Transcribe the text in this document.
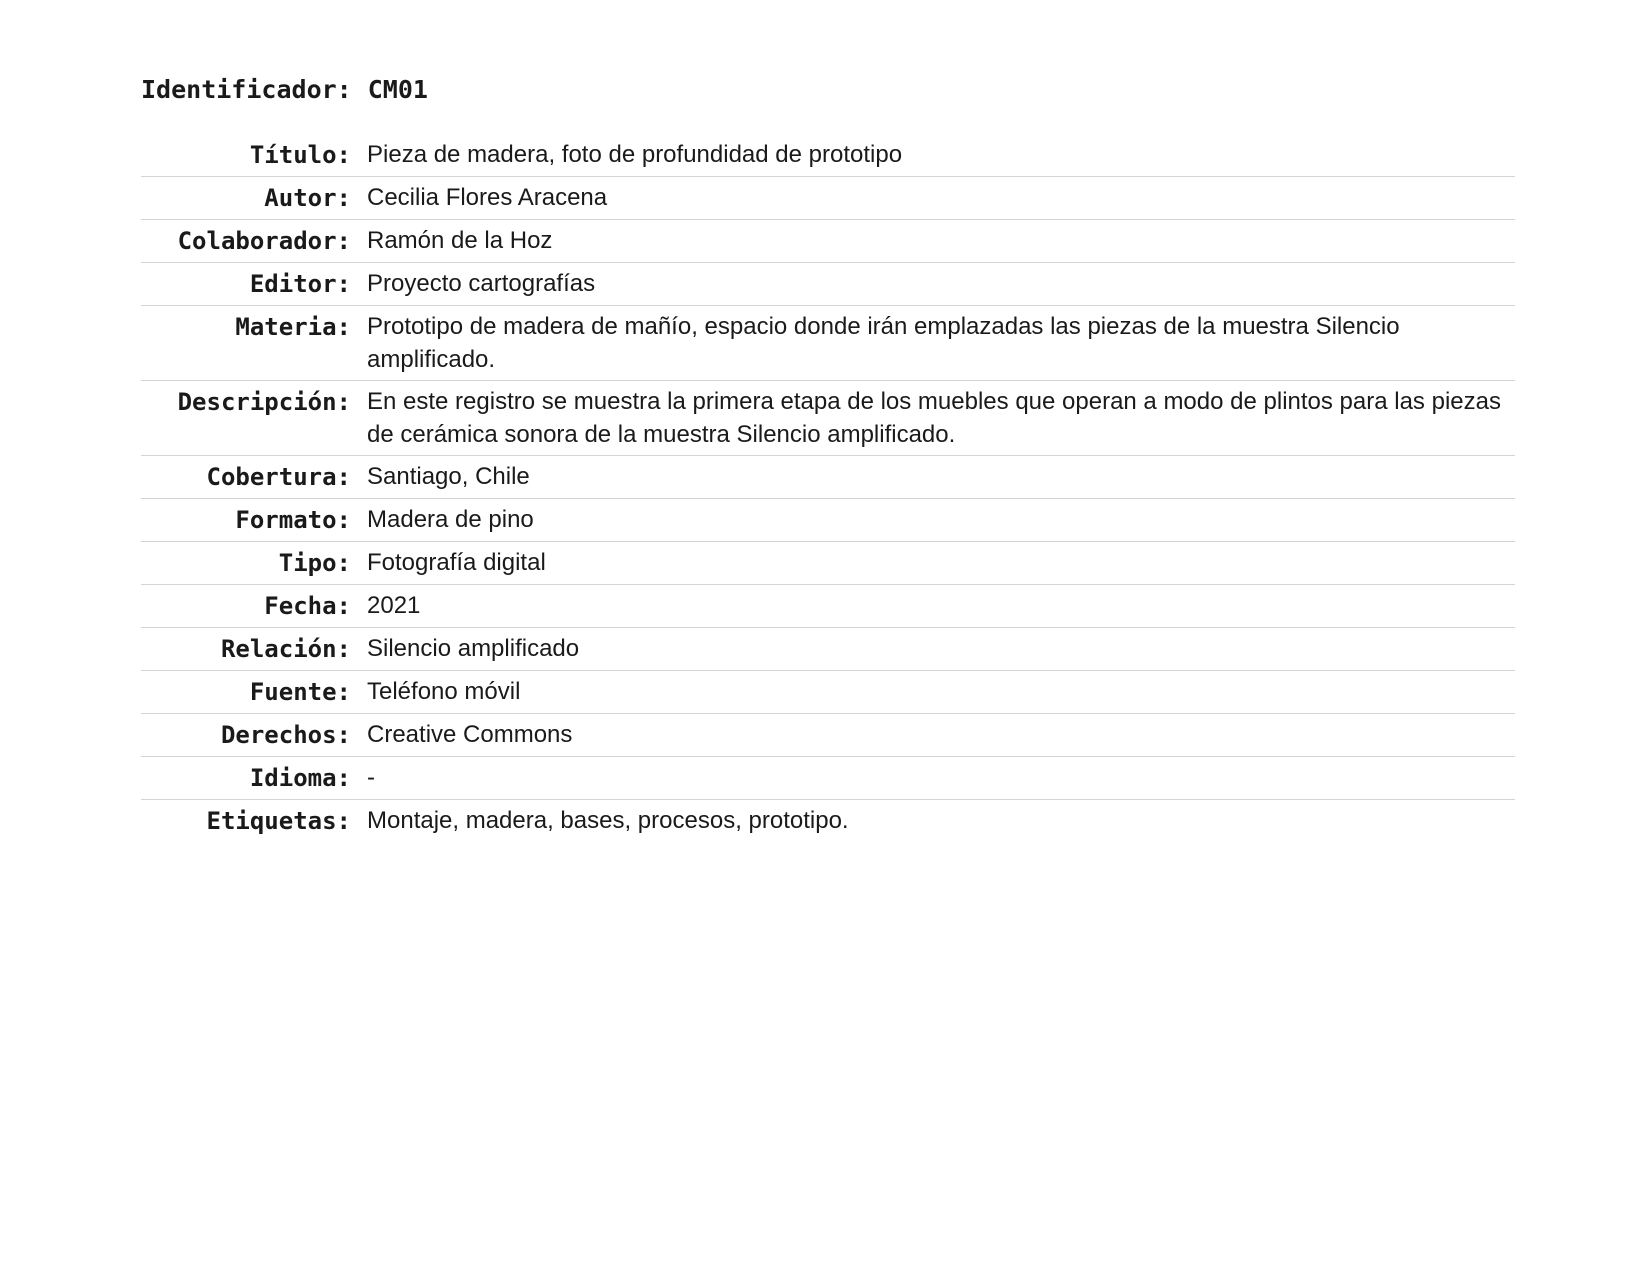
Identificador: CM01
Título: Pieza de madera, foto de profundidad de prototipo
Autor: Cecilia Flores Aracena
Colaborador: Ramón de la Hoz
Editor: Proyecto cartografías
Materia: Prototipo de madera de mañío, espacio donde irán emplazadas las piezas de la muestra Silencio amplificado.
Descripción: En este registro se muestra la primera etapa de los muebles que operan a modo de plintos para las piezas de cerámica sonora de la muestra Silencio amplificado.
Cobertura: Santiago, Chile
Formato: Madera de pino
Tipo: Fotografía digital
Fecha: 2021
Relación: Silencio amplificado
Fuente: Teléfono móvil
Derechos: Creative Commons
Idioma: -
Etiquetas: Montaje, madera, bases, procesos, prototipo.
